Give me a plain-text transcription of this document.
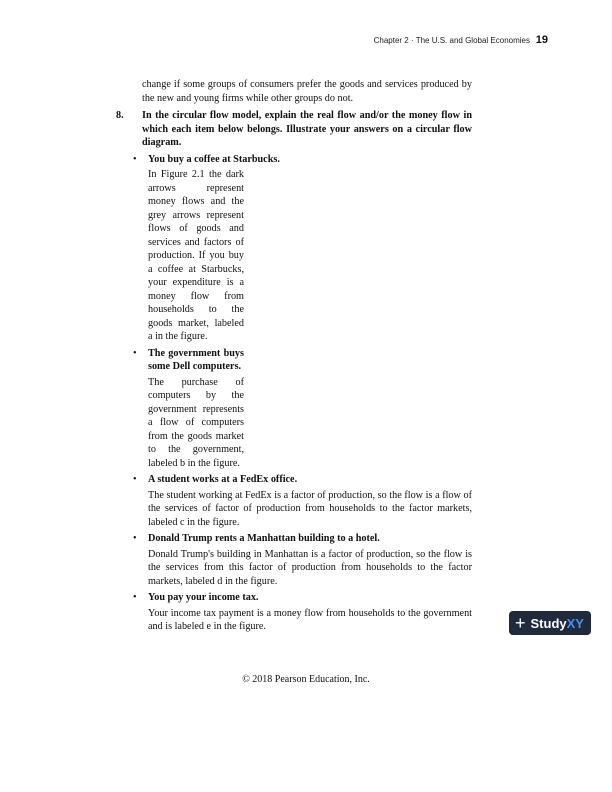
Chapter 2 · The U.S. and Global Economies 19

change if some groups of consumers prefer the goods and services produced by the new and young firms while other groups do not.

8. In the circular flow model, explain the real flow and/or the money flow in which each item below belongs. Illustrate your answers on a circular flow diagram.
• You buy a coffee at Starbucks.

In Figure 2.1 the dark arrows represent money flows and the grey arrows represent flows of goods and services and factors of production. If you buy a coffee at Starbucks, your expenditure is a money flow from households to the goods market, labeled a in the figure.

• The government buys some Dell computers.

The purchase of computers by the government represents a flow of computers from the goods market to the government, labeled b in the figure.

• A student works at a FedEx office.

The student working at FedEx is a factor of production, so the flow is a flow of the services of factor of production from households to the factor markets, labeled c in the figure.

• Donald Trump rents a Manhattan building to a hotel.

Donald Trump's building in Manhattan is a factor of production, so the flow is the services from this factor of production from households to the factor markets, labeled d in the figure.

• You pay your income tax.

Your income tax payment is a money flow from households to the government and is labeled e in the figure.

© 2018 Pearson Education, Inc.
+ Study XY
